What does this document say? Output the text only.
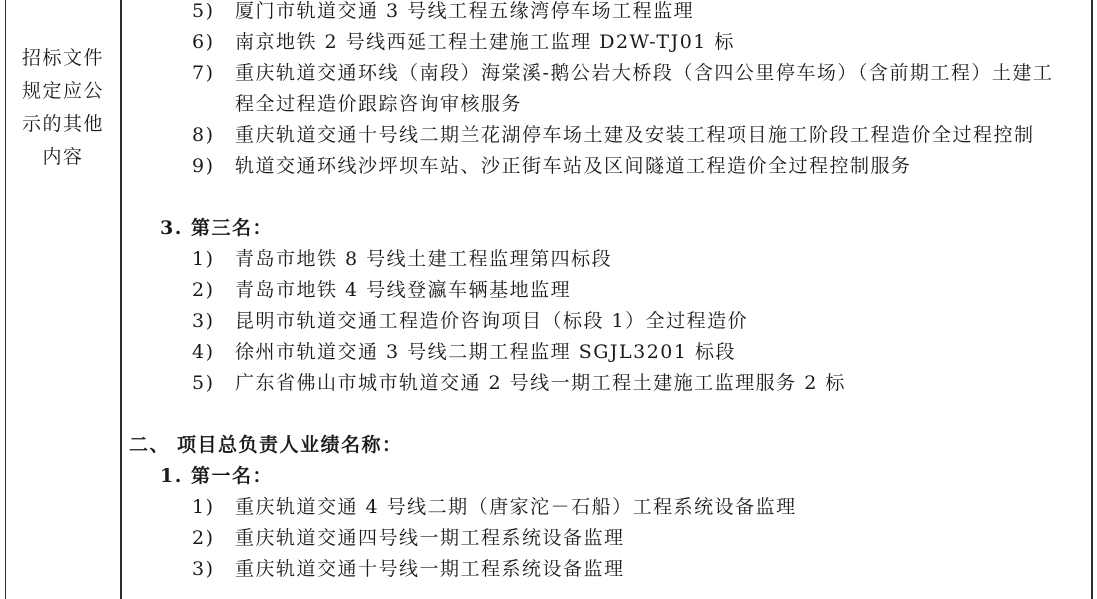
招标文件规定应公示的其他内容
5) 厦门市轨道交通 3 号线工程五缘湾停车场工程监理
6) 南京地铁 2 号线西延工程土建施工监理 D2W-TJ01 标
7) 重庆轨道交通环线（南段）海棠溪-鹅公岩大桥段（含四公里停车场）（含前期工程）土建工程全过程造价跟踪咨询审核服务
8) 重庆轨道交通十号线二期兰花湖停车场土建及安装工程项目施工阶段工程造价全过程控制
9) 轨道交通环线沙坪坝车站、沙正街车站及区间隧道工程造价全过程控制服务
3. 第三名：
1) 青岛市地铁 8 号线土建工程监理第四标段
2) 青岛市地铁 4 号线登瀛车辆基地监理
3) 昆明市轨道交通工程造价咨询项目（标段 1）全过程造价
4) 徐州市轨道交通 3 号线二期工程监理 SGJL3201 标段
5) 广东省佛山市城市轨道交通 2 号线一期工程土建施工监理服务 2 标
二、 项目总负责人业绩名称：
1. 第一名：
1) 重庆轨道交通 4 号线二期（唐家沱－石船）工程系统设备监理
2) 重庆轨道交通四号线一期工程系统设备监理
3) 重庆轨道交通十号线一期工程系统设备监理
